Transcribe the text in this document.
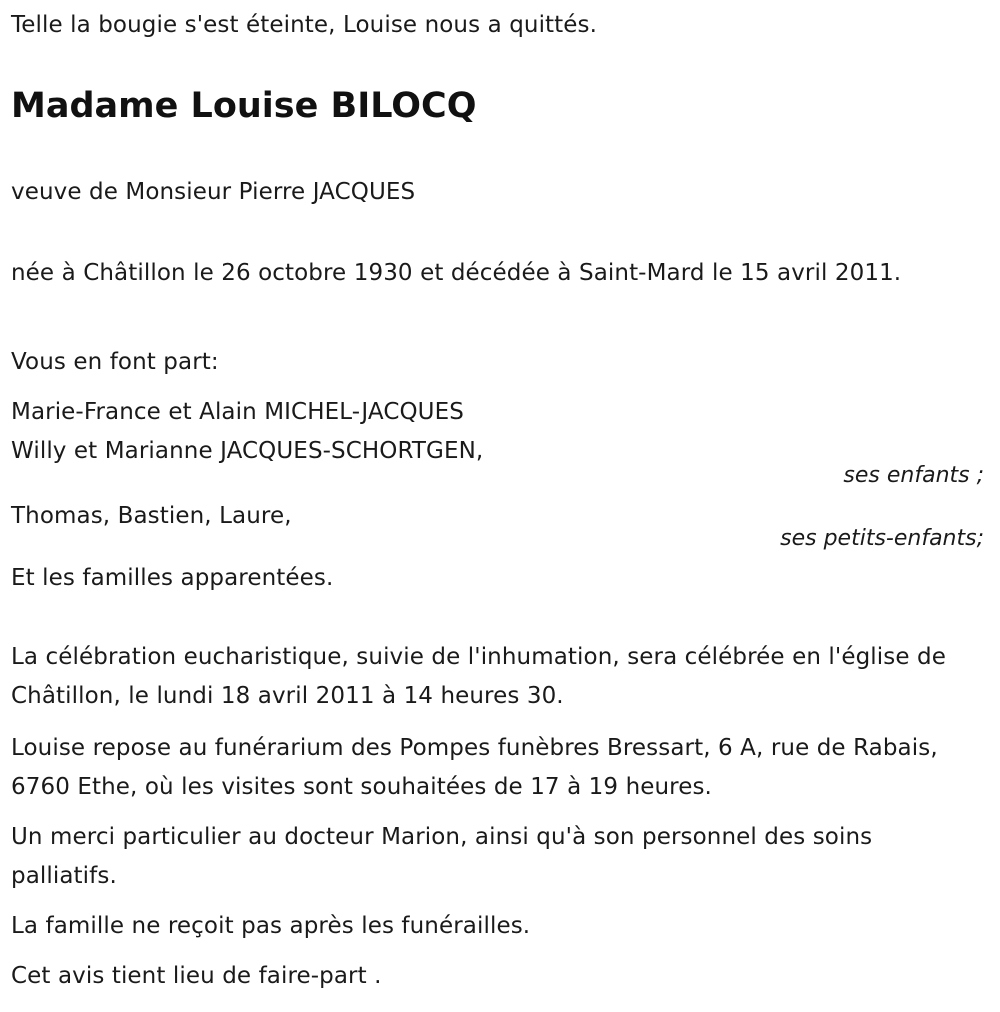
Telle la bougie s'est éteinte, Louise nous a quittés.

Madame Louise BILOCQ

veuve de Monsieur Pierre JACQUES

née à Châtillon le 26 octobre 1930 et décédée à Saint-Mard le 15 avril 2011.

Vous en font part:

Marie-France et Alain MICHEL-JACQUES

Willy et Marianne JACQUES-SCHORTGEN,

ses enfants ;

Thomas, Bastien, Laure,

ses petits-enfants;

Et les familles apparentées.

La célébration eucharistique, suivie de l'inhumation, sera célébrée en l'église de Châtillon, le lundi 18 avril 2011 à 14 heures 30.

Louise repose au funérarium des Pompes funèbres Bressart, 6 A, rue de Rabais, 6760 Ethe, où les visites sont souhaitées de 17 à 19 heures.

Un merci particulier au docteur Marion, ainsi qu'à son personnel des soins palliatifs.

La famille ne reçoit pas après les funérailles.

Cet avis tient lieu de faire-part .
